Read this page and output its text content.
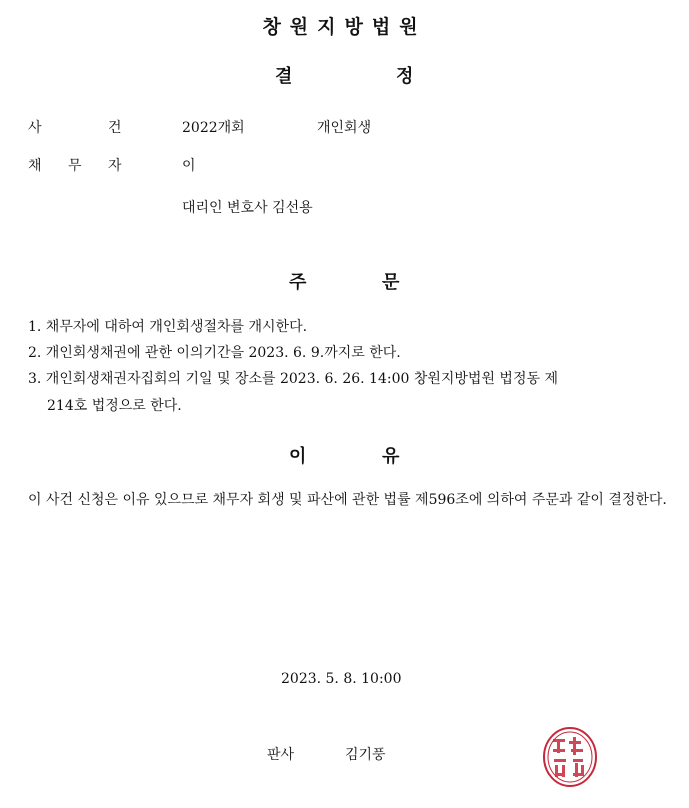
창원지방법원
결	정
사	건	2022개회	개인회생
채 무 자	이
대리인 변호사 김선용
주	문
1. 채무자에 대하여 개인회생절차를 개시한다.
2. 개인회생채권에 관한 이의기간을 2023. 6. 9.까지로 한다.
3. 개인회생채권자집회의 기일 및 장소를 2023. 6. 26. 14:00 창원지방법원 법정동 제
214호 법정으로 한다.
이	유
이 사건 신청은 이유 있으므로 채무자 회생 및 파산에 관한 법률 제596조에 의하여 주문과 같이 결정한다.
2023. 5. 8. 10:00
판사	김기풍
